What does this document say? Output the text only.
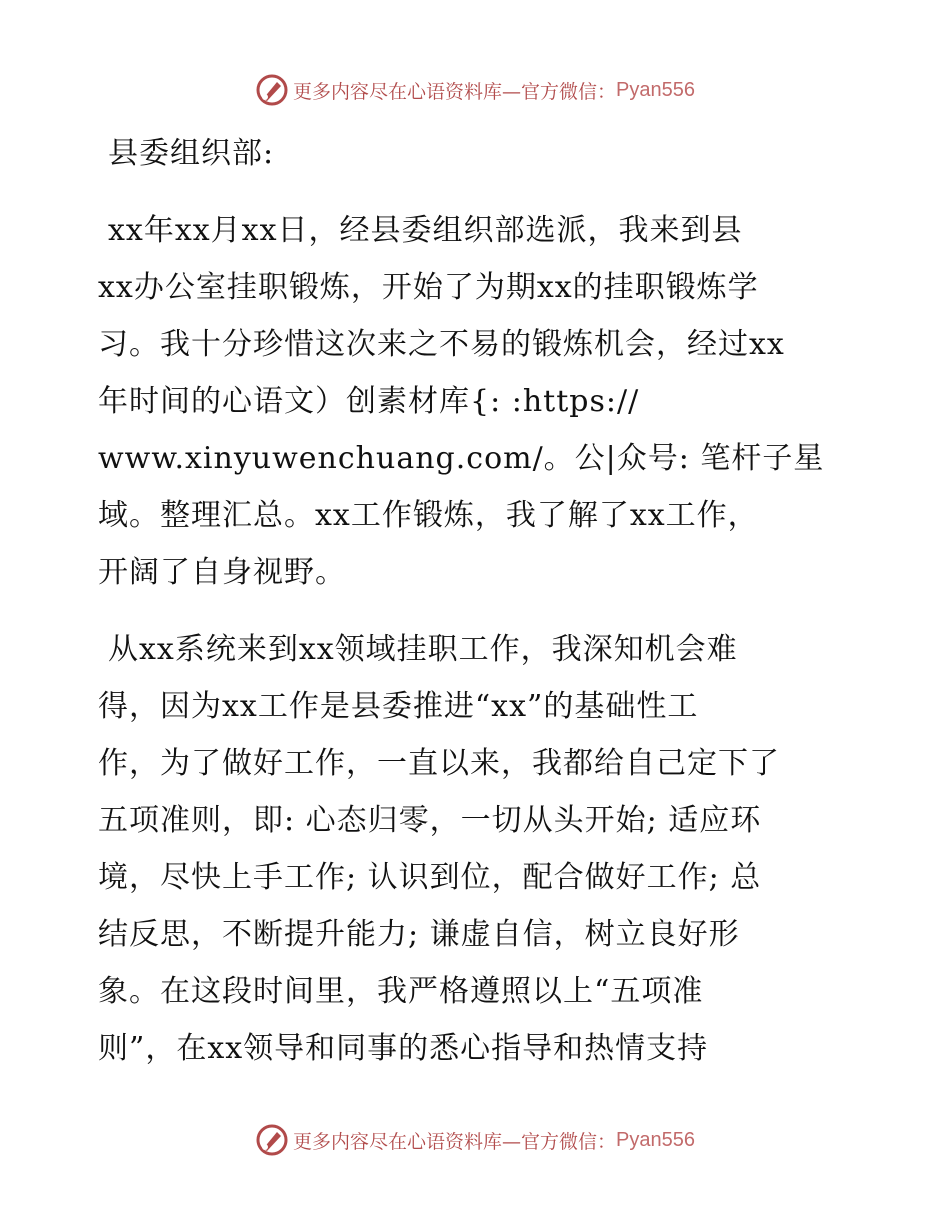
更多内容尽在心语资料库— 官方微信： Pyan556
县委组织部:
xx年xx月xx日，经县委组织部选派，我来到县
xx办公室挂职锻炼，开始了为期xx的挂职锻炼学
习。我十分珍惜这次来之不易的锻炼机会，经过xx
年时间的心语文）创素材库{: :https://
www.xinyuwenchuang.com/。公|众号: 笔杆子星
域。整理汇总。xx工作锻炼，我了解了xx工作，
开阔了自身视野。
从xx系统来到xx领域挂职工作，我深知机会难
得，因为xx工作是县委推进“xx”的基础性工
作，为了做好工作，一直以来，我都给自己定下了
五项准则，即: 心态归零，一切从头开始; 适应环
境，尽快上手工作; 认识到位，配合做好工作; 总
结反思，不断提升能力; 谦虚自信，树立良好形
象。在这段时间里，我严格遵照以上“五项准
则”，在xx领导和同事的悉心指导和热情支持
更多内容尽在心语资料库— 官方微信： Pyan556
